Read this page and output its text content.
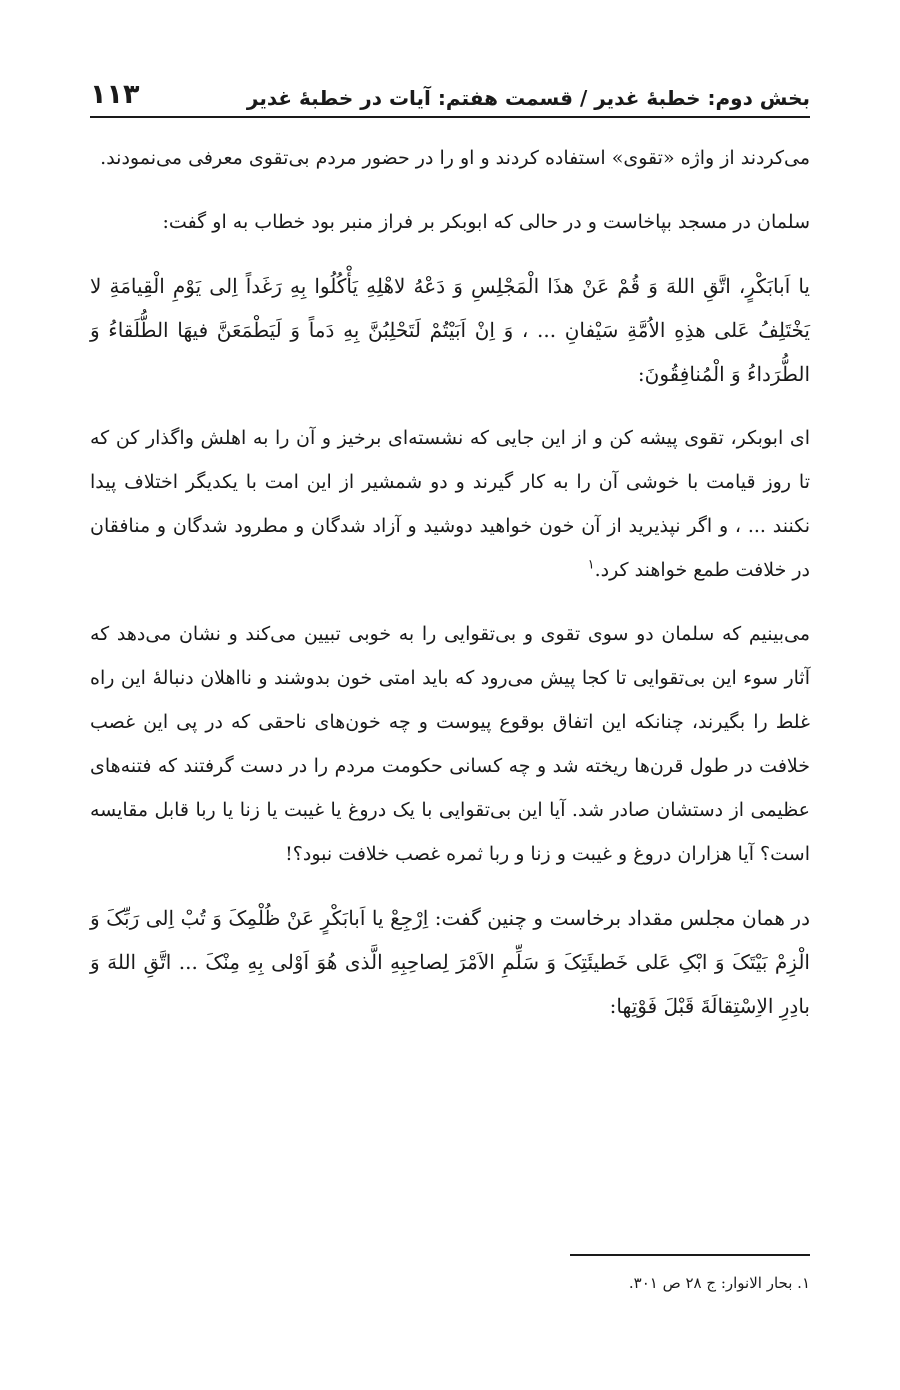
بخش دوم: خطبهٔ غدیر / قسمت هفتم: آیات در خطبهٔ غدیر
۱۱۳

می‌کردند از واژه «تقوی» استفاده کردند و او را در حضور مردم بی‌تقوی معرفی می‌نمودند.

سلمان در مسجد بپاخاست و در حالی که ابوبکر بر فراز منبر بود خطاب به او گفت:

یا اَبابَکْرٍ، اتَّقِ اللهَ وَ قُمْ عَنْ هذَا الْمَجْلِسِ وَ دَعْهُ لاهْلِهِ یَأْکُلُوا بِهِ رَغَداً اِلی یَوْمِ الْقِیامَةِ لا یَخْتَلِفُ عَلی هذِهِ الاُمَّةِ سَیْفانِ ... ، وَ اِنْ اَبَیْتُمْ لَتَحْلِبُنَّ بِهِ دَماً وَ لَیَطْمَعَنَّ فیهَا الطُّلَقاءُ وَ الطُّرَداءُ وَ الْمُنافِقُونَ:

ای ابوبکر، تقوی پیشه کن و از این جایی که نشسته‌ای برخیز و آن را به اهلش واگذار کن که تا روز قیامت با خوشی آن را به کار گیرند و دو شمشیر از این امت با یکدیگر اختلاف پیدا نکنند ... ، و اگر نپذیرید از آن خون خواهید دوشید و آزاد شدگان و مطرود شدگان و منافقان در خلافت طمع خواهند کرد.$^۱$

می‌بینیم که سلمان دو سوی تقوی و بی‌تقوایی را به خوبی تبیین می‌کند و نشان می‌دهد که آثار سوء این بی‌تقوایی تا کجا پیش می‌رود که باید امتی خون بدوشند و نااهلان دنبالهٔ این راه غلط را بگیرند، چنانکه این اتفاق بوقوع پیوست و چه خون‌های ناحقی که در پی این غصب خلافت در طول قرن‌ها ریخته شد و چه کسانی حکومت مردم را در دست گرفتند که فتنه‌های عظیمی از دستشان صادر شد. آیا این بی‌تقوایی با یک دروغ یا غیبت یا زنا یا ربا قابل مقایسه است؟ آیا هزاران دروغ و غیبت و زنا و ربا ثمره غصب خلافت نبود؟!

در همان مجلس مقداد برخاست و چنین گفت: اِرْجِعْ یا اَبابَکْرٍ عَنْ ظُلْمِکَ وَ تُبْ اِلی رَبِّکَ وَ الْزِمْ بَیْتَکَ وَ ابْکِ عَلی خَطیئَتِکَ وَ سَلِّمِ الاَمْرَ لِصاحِبِهِ الَّذی هُوَ اَوْلی بِهِ مِنْکَ ... اتَّقِ اللهَ وَ بادِرِ الاِسْتِقالَةَ قَبْلَ فَوْتِها:

۱. بحار الانوار: ج ۲۸ ص ۳۰۱.
